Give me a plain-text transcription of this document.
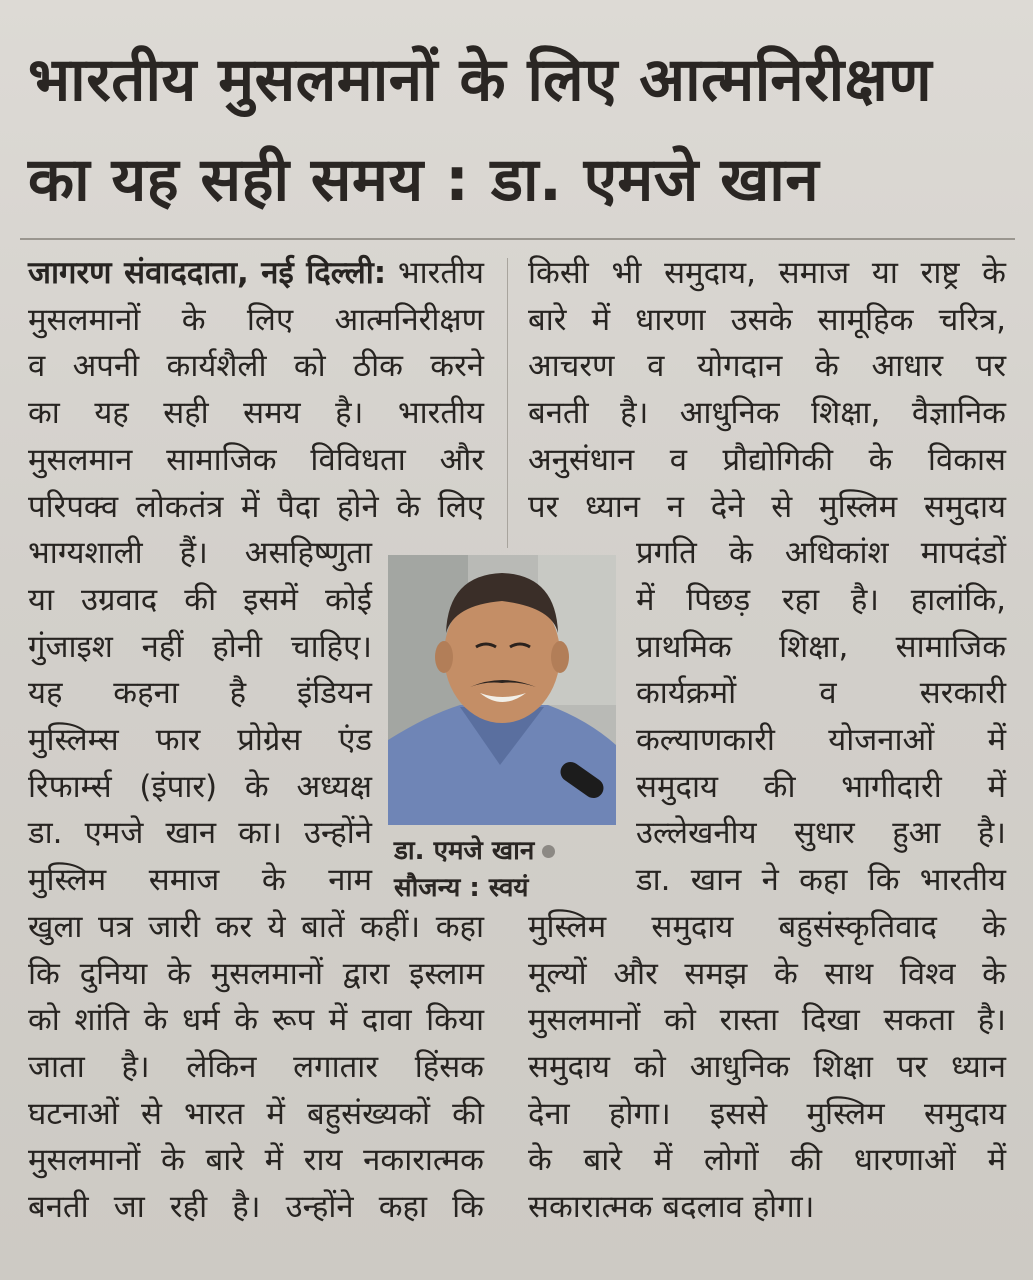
भारतीय मुसलमानों के लिए आत्मनिरीक्षण
का यह सही समय : डा. एमजे खान
जागरण संवाददाता, नई दिल्ली: भारतीय
मुसलमानों के लिए आत्मनिरीक्षण
व अपनी कार्यशैली को ठीक करने
का यह सही समय है। भारतीय
मुसलमान सामाजिक विविधता और
परिपक्व लोकतंत्र में पैदा होने के लिए
भाग्यशाली हैं। असहिष्णुता
या उग्रवाद की इसमें कोई
गुंजाइश नहीं होनी चाहिए।
यह कहना है इंडियन
मुस्लिम्स फार प्रोग्रेस एंड
रिफार्म्स (इंपार) के अध्यक्ष
डा. एमजे खान का। उन्होंने
मुस्लिम समाज के नाम
खुला पत्र जारी कर ये बातें कहीं। कहा
कि दुनिया के मुसलमानों द्वारा इस्लाम
को शांति के धर्म के रूप में दावा किया
जाता है। लेकिन लगातार हिंसक
घटनाओं से भारत में बहुसंख्यकों की
मुसलमानों के बारे में राय नकारात्मक
बनती जा रही है। उन्होंने कहा कि
किसी भी समुदाय, समाज या राष्ट्र के
बारे में धारणा उसके सामूहिक चरित्र,
आचरण व योगदान के आधार पर
बनती है। आधुनिक शिक्षा, वैज्ञानिक
अनुसंधान व प्रौद्योगिकी के विकास
पर ध्यान न देने से मुस्लिम समुदाय
प्रगति के अधिकांश मापदंडों
में पिछड़ रहा है। हालांकि,
प्राथमिक शिक्षा, सामाजिक
कार्यक्रमों व सरकारी
कल्याणकारी योजनाओं में
समुदाय की भागीदारी में
उल्लेखनीय सुधार हुआ है।
डा. खान ने कहा कि भारतीय
मुस्लिम समुदाय बहुसंस्कृतिवाद के
मूल्यों और समझ के साथ विश्व के
मुसलमानों को रास्ता दिखा सकता है।
समुदाय को आधुनिक शिक्षा पर ध्यान
देना होगा। इससे मुस्लिम समुदाय
के बारे में लोगों की धारणाओं में
सकारात्मक बदलाव होगा।
डा. एमजे खान
सौजन्य : स्वयं
